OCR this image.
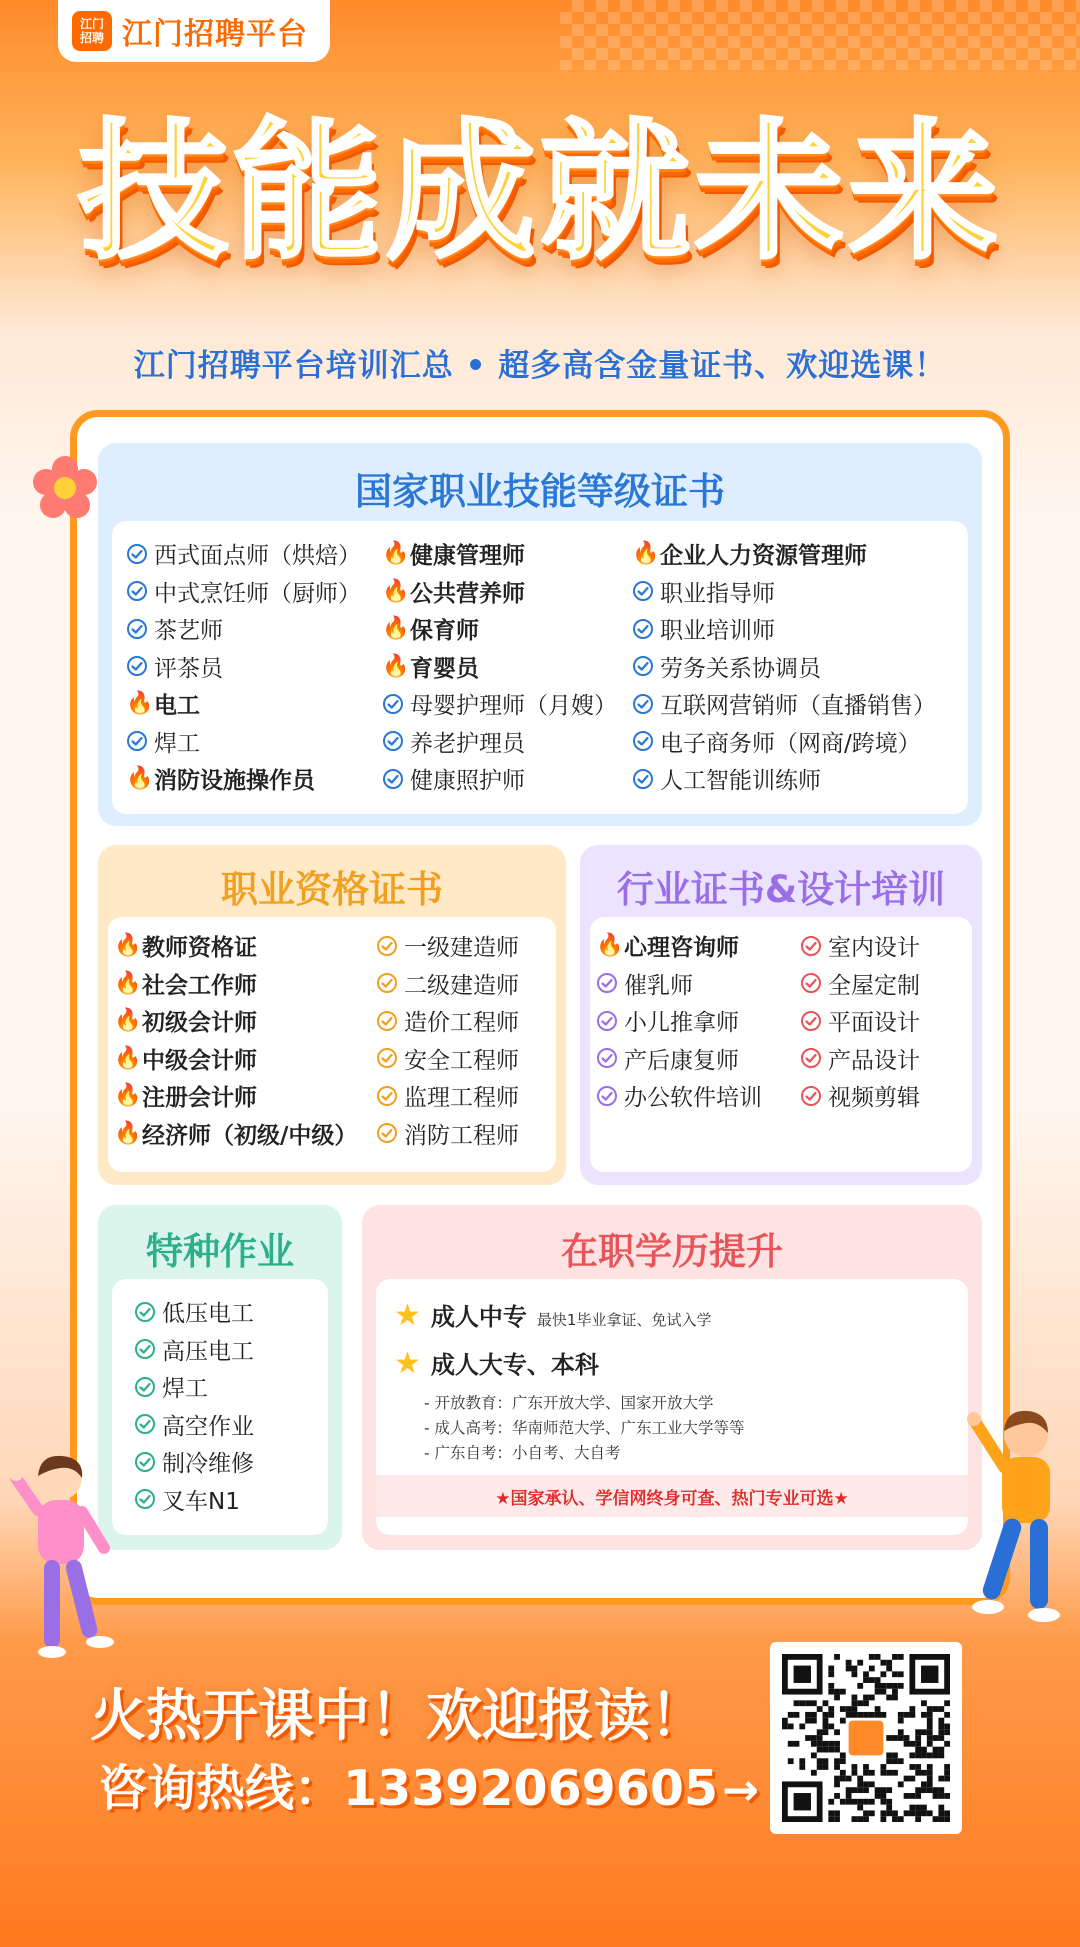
江门
招聘 江门招聘平台
技能成就未来
江门招聘平台培训汇总 • 超多高含金量证书、欢迎选课！
国家职业技能等级证书
西式面点师（烘焙）
中式烹饪师（厨师）
茶艺师
评茶员
🔥 电工
焊工
🔥 消防设施操作员
🔥 健康管理师
🔥 公共营养师
🔥 保育师
🔥 育婴员
母婴护理师（月嫂）
养老护理员
健康照护师
🔥 企业人力资源管理师
职业指导师
职业培训师
劳务关系协调员
互联网营销师（直播销售）
电子商务师（网商/跨境）
人工智能训练师
职业资格证书
🔥 教师资格证
🔥 社会工作师
🔥 初级会计师
🔥 中级会计师
🔥 注册会计师
🔥 经济师（初级/中级）
一级建造师
二级建造师
造价工程师
安全工程师
监理工程师
消防工程师
行业证书&设计培训
🔥 心理咨询师
催乳师
小儿推拿师
产后康复师
办公软件培训
室内设计
全屋定制
平面设计
产品设计
视频剪辑
特种作业
低压电工
高压电工
焊工
高空作业
制冷维修
叉车N1
在职学历提升
★ 成人中专 最快1毕业拿证、免试入学
★ 成人大专、本科
- 开放教育：广东开放大学、国家开放大学
- 成人高考：华南师范大学、广东工业大学等等
- 广东自考：小自考、大自考
★国家承认、学信网终身可查、热门专业可选★
火热开课中！欢迎报读！
咨询热线：13392069605→
